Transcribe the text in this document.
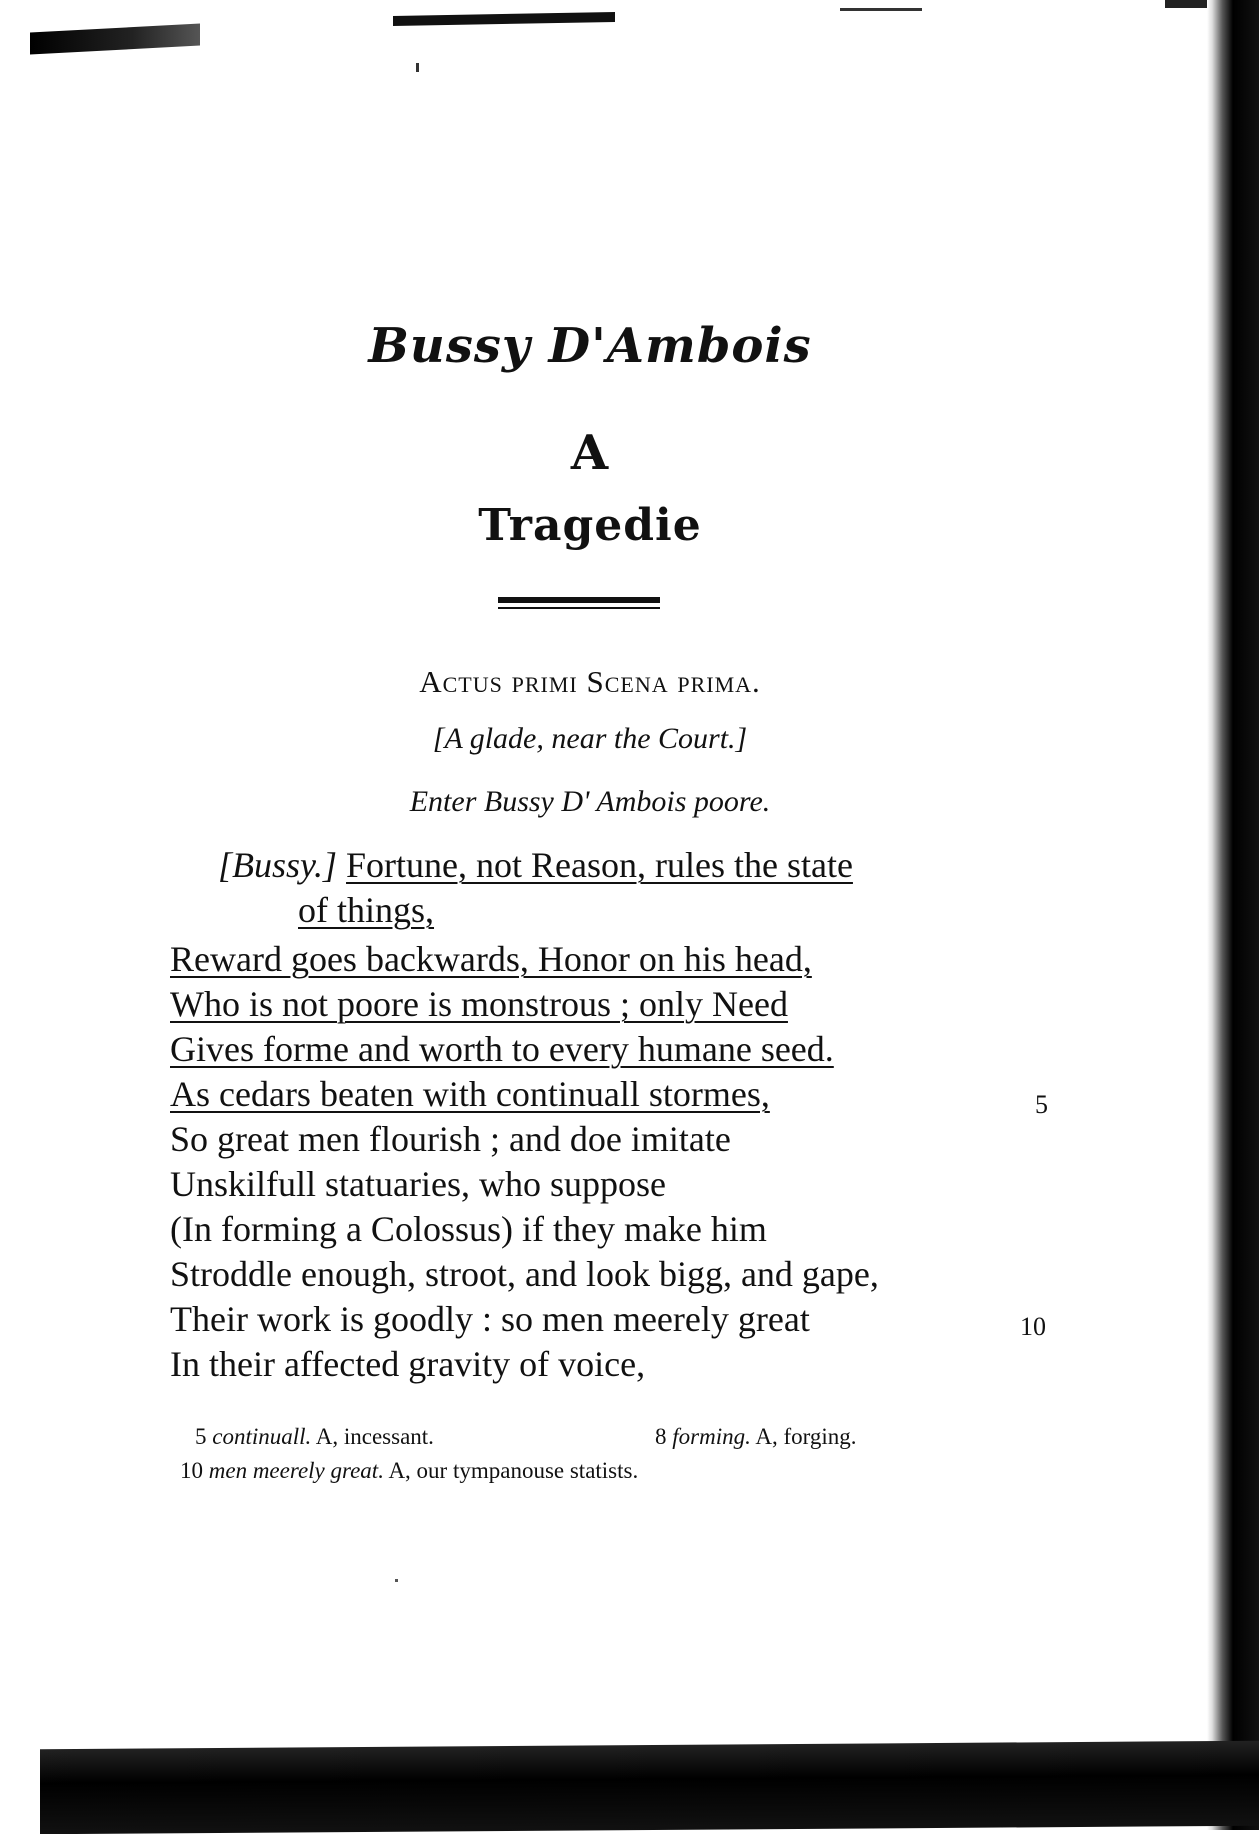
Bussy D'Ambois
A
Tragedie
Actus primi Scena prima.
[A glade, near the Court.]
Enter Bussy D' Ambois poore.
[Bussy.] Fortune, not Reason, rules the state
of things,
Reward goes backwards, Honor on his head,
Who is not poore is monstrous ; only Need
Gives forme and worth to every humane seed.
As cedars beaten with continuall stormes,
So great men flourish ; and doe imitate
Unskilfull statuaries, who suppose
(In forming a Colossus) if they make him
Stroddle enough, stroot, and look bigg, and gape,
Their work is goodly : so men meerely great
In their affected gravity of voice,
5
10
5 continuall. A, incessant.	8 forming. A, forging.
10 men meerely great. A, our tympanouse statists.
